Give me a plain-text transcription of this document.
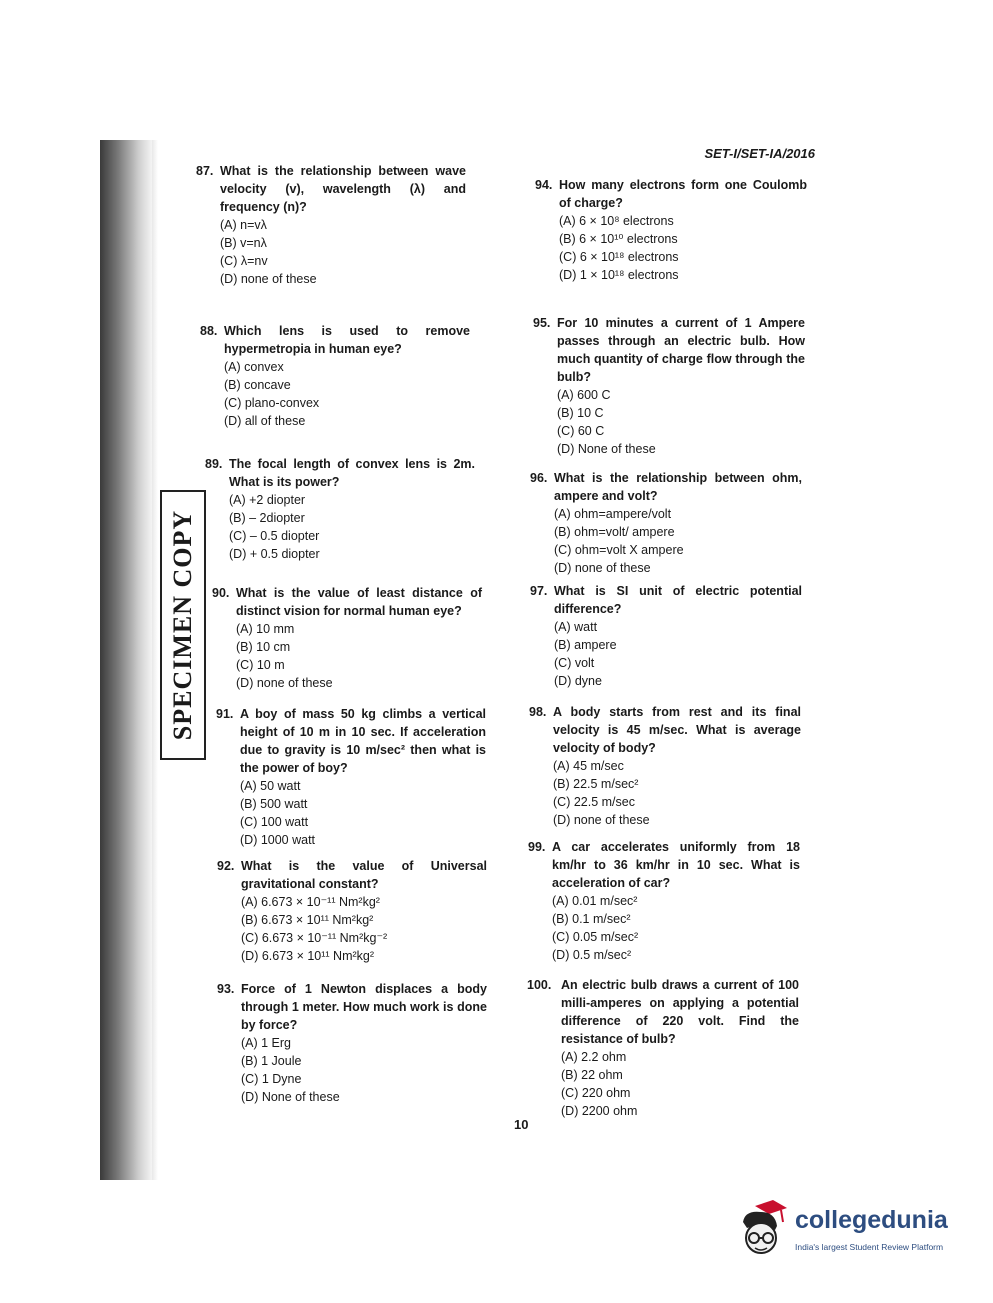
SET-I/SET-IA/2016
SPECIMEN COPY
87. What is the relationship between wave velocity (v), wavelength (λ) and frequency (n)?
(A) n=vλ
(B) v=nλ
(C) λ=nv
(D) none of these
88. Which lens is used to remove hypermetropia in human eye?
(A) convex
(B) concave
(C) plano-convex
(D) all of these
89. The focal length of convex lens is 2m. What is its power?
(A) +2 diopter
(B) – 2diopter
(C) – 0.5 diopter
(D) + 0.5 diopter
90. What is the value of least distance of distinct vision for normal human eye?
(A) 10 mm
(B) 10 cm
(C) 10 m
(D) none of these
91. A boy of mass 50 kg climbs a vertical height of 10 m in 10 sec. If acceleration due to gravity is 10 m/sec² then what is the power of boy?
(A) 50 watt
(B) 500 watt
(C) 100 watt
(D) 1000 watt
92. What is the value of Universal gravitational constant?
(A) 6.673 × 10⁻¹¹ Nm²kg²
(B) 6.673 × 10¹¹ Nm²kg²
(C) 6.673 × 10⁻¹¹ Nm²kg⁻²
(D) 6.673 × 10¹¹ Nm²kg²
93. Force of 1 Newton displaces a body through 1 meter. How much work is done by force?
(A) 1 Erg
(B) 1 Joule
(C) 1 Dyne
(D) None of these
94. How many electrons form one Coulomb of charge?
(A) 6 × 10⁸ electrons
(B) 6 × 10¹⁰ electrons
(C) 6 × 10¹⁸ electrons
(D) 1 × 10¹⁸ electrons
95. For 10 minutes a current of 1 Ampere passes through an electric bulb. How much quantity of charge flow through the bulb?
(A) 600 C
(B) 10 C
(C) 60 C
(D) None of these
96. What is the relationship between ohm, ampere and volt?
(A) ohm=ampere/volt
(B) ohm=volt/ ampere
(C) ohm=volt X ampere
(D) none of these
97. What is SI unit of electric potential difference?
(A) watt
(B) ampere
(C) volt
(D) dyne
98. A body starts from rest and its final velocity is 45 m/sec. What is average velocity of body?
(A) 45 m/sec
(B) 22.5 m/sec²
(C) 22.5 m/sec
(D) none of these
99. A car accelerates uniformly from 18 km/hr to 36 km/hr in 10 sec. What is acceleration of car?
(A) 0.01 m/sec²
(B) 0.1 m/sec²
(C) 0.05 m/sec²
(D) 0.5 m/sec²
100. An electric bulb draws a current of 100 milli-amperes on applying a potential difference of 220 volt. Find the resistance of bulb?
(A) 2.2 ohm
(B) 22 ohm
(C) 220 ohm
(D) 2200 ohm
10
collegedunia
India's largest Student Review Platform
